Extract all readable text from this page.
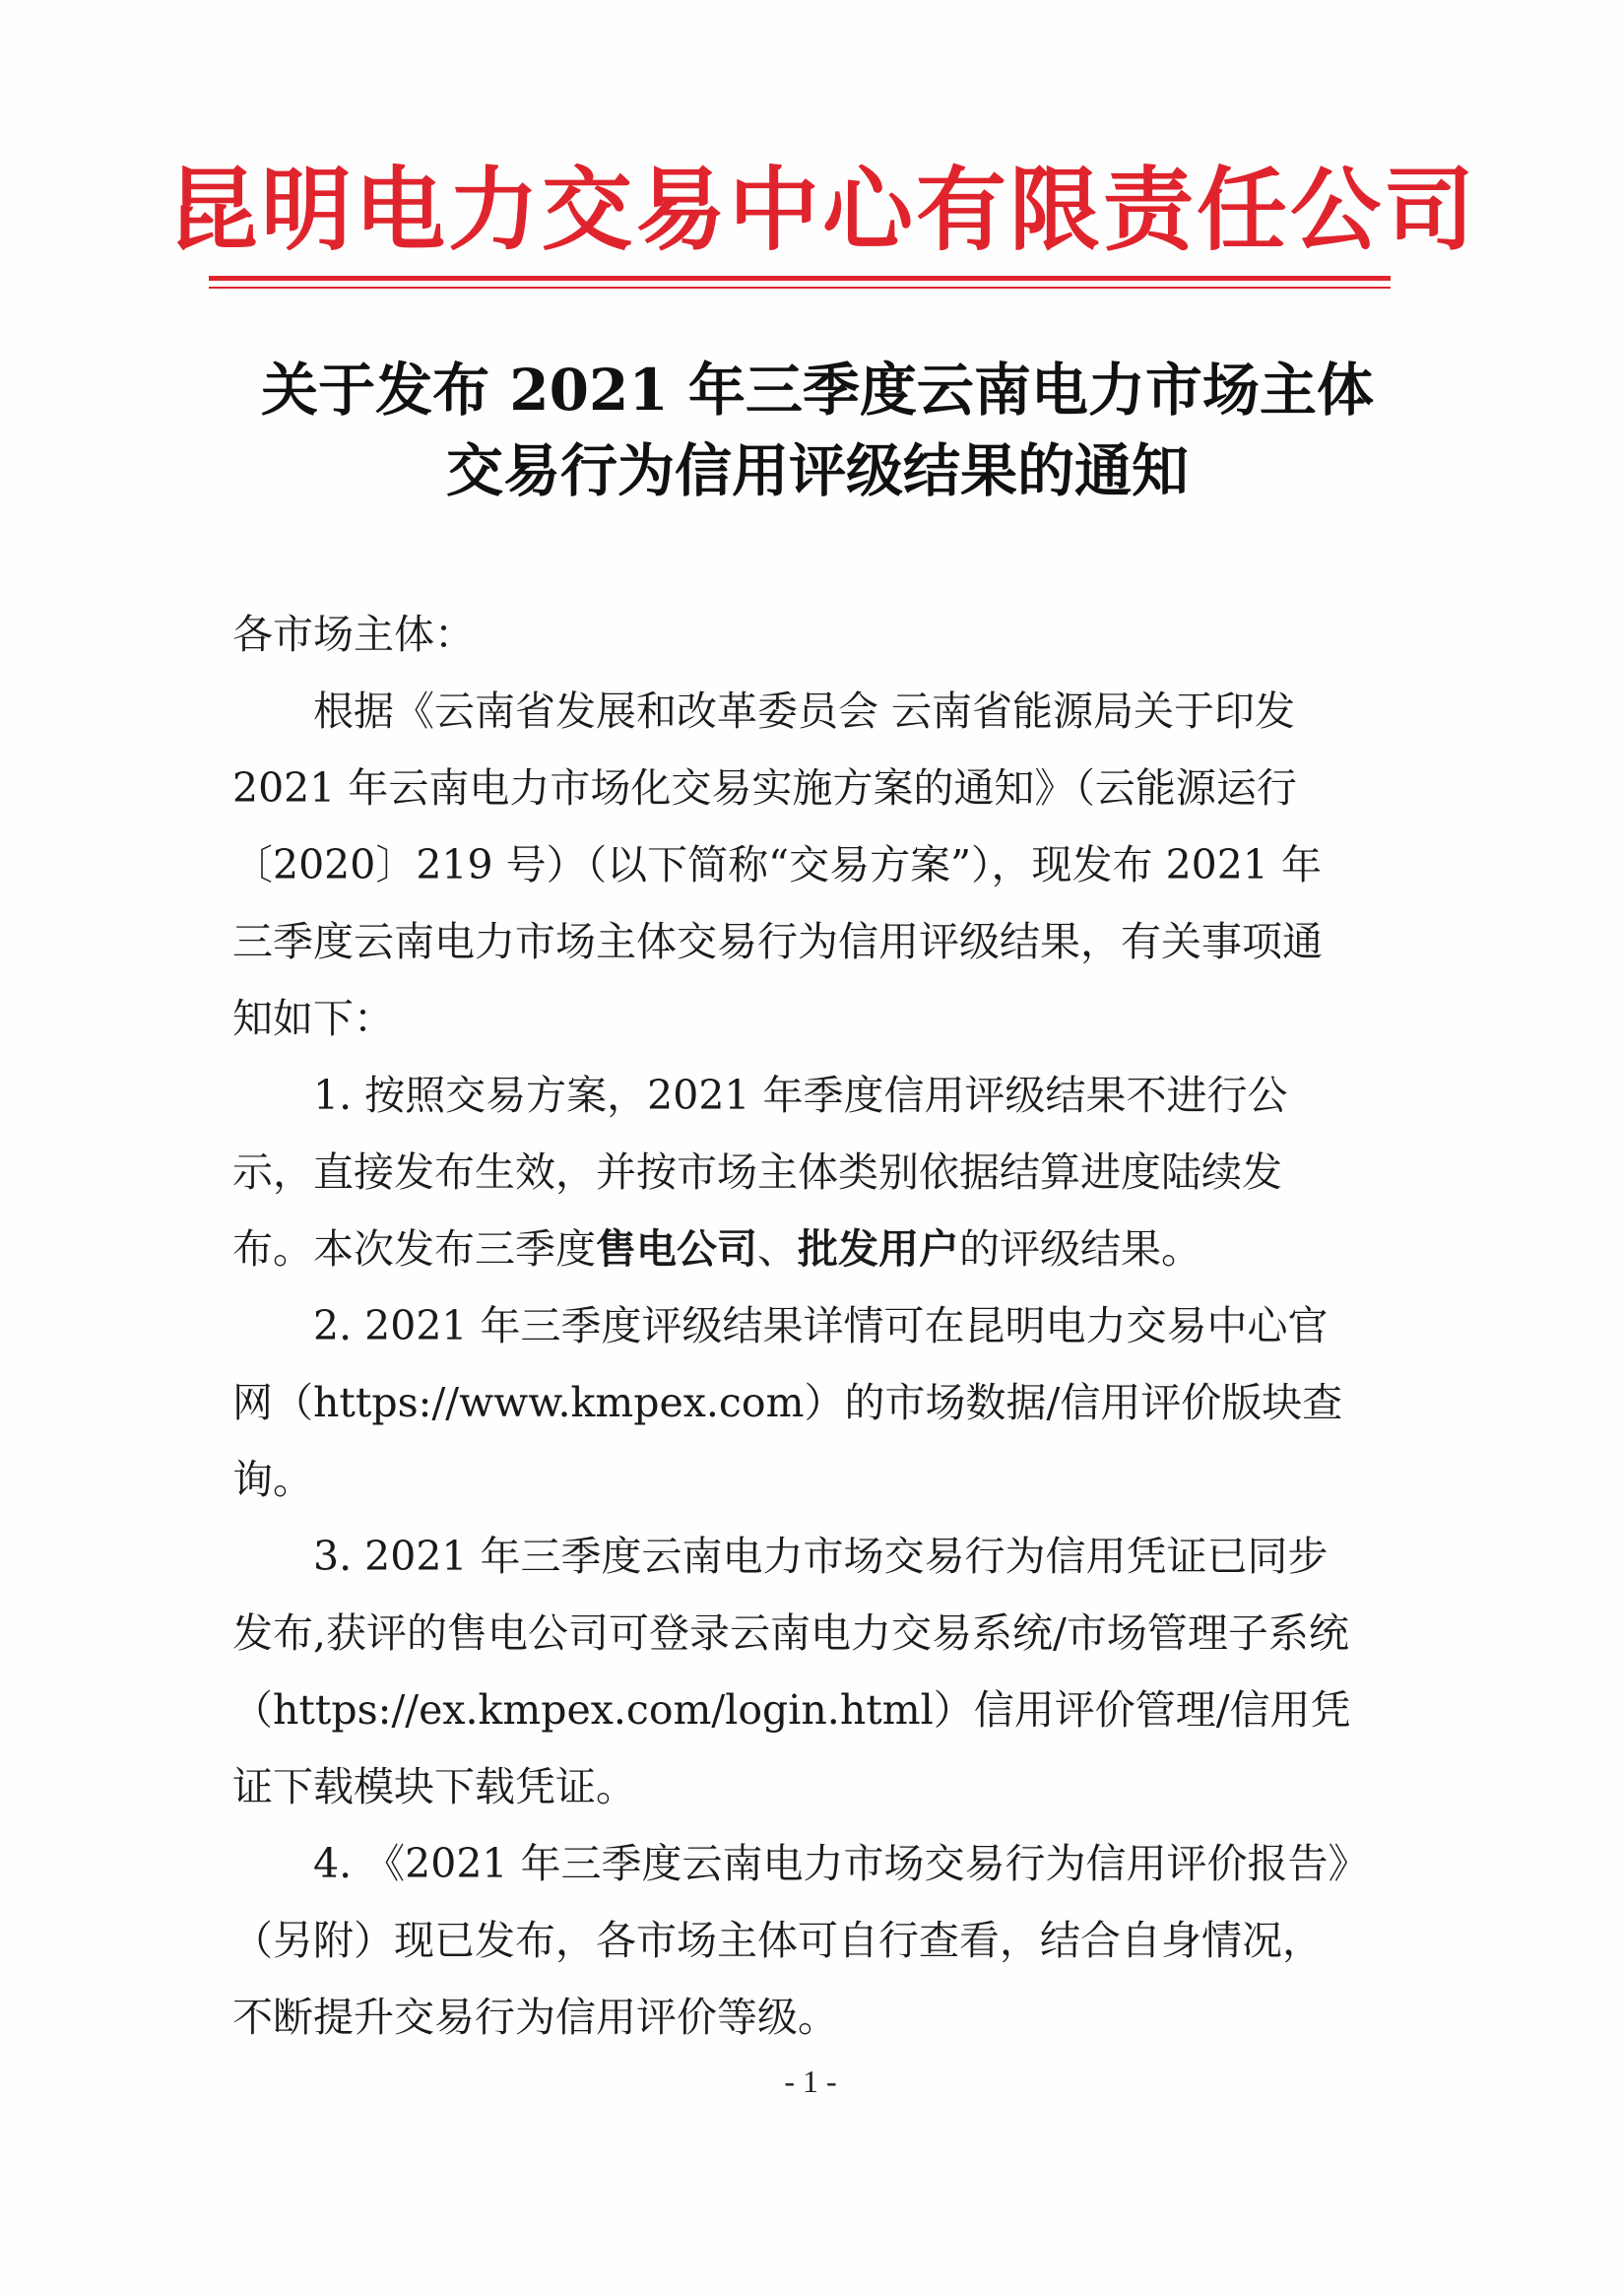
昆明电力交易中心有限责任公司
关于发布 2021 年三季度云南电力市场主体
交易行为信用评级结果的通知

各市场主体：

根据《云南省发展和改革委员会 云南省能源局关于印发 2021 年云南电力市场化交易实施方案的通知》（云能源运行〔2020〕219 号）（以下简称“交易方案”），现发布 2021 年三季度云南电力市场主体交易行为信用评级结果，有关事项通知如下：

1. 按照交易方案，2021 年季度信用评级结果不进行公示，直接发布生效，并按市场主体类别依据结算进度陆续发布。本次发布三季度售电公司、批发用户的评级结果。

2. 2021 年三季度评级结果详情可在昆明电力交易中心官网（https://www.kmpex.com）的市场数据/信用评价版块查询。

3. 2021 年三季度云南电力市场交易行为信用凭证已同步发布,获评的售电公司可登录云南电力交易系统/市场管理子系统（https://ex.kmpex.com/login.html）信用评价管理/信用凭证下载模块下载凭证。

4. 《2021 年三季度云南电力市场交易行为信用评价报告》（另附）现已发布，各市场主体可自行查看，结合自身情况，不断提升交易行为信用评价等级。

- 1 -
